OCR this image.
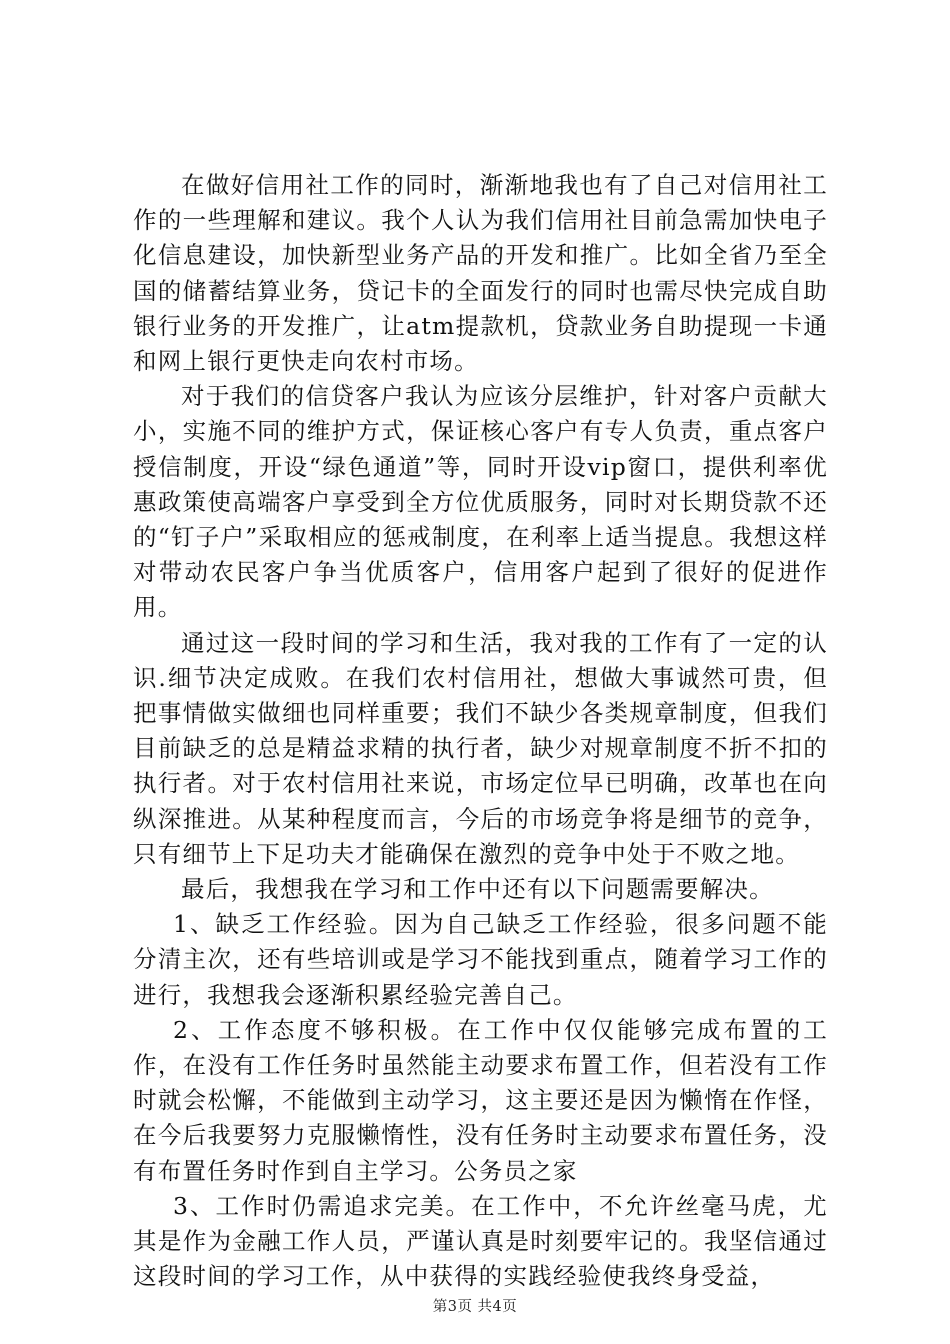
在做好信用社工作的同时，渐渐地我也有了自己对信用社工作的一些理解和建议。我个人认为我们信用社目前急需加快电子化信息建设，加快新型业务产品的开发和推广。比如全省乃至全国的储蓄结算业务，贷记卡的全面发行的同时也需尽快完成自助银行业务的开发推广，让atm提款机，贷款业务自助提现一卡通和网上银行更快走向农村市场。

对于我们的信贷客户我认为应该分层维护，针对客户贡献大小，实施不同的维护方式，保证核心客户有专人负责，重点客户授信制度，开设“绿色通道”等，同时开设vip窗口，提供利率优惠政策使高端客户享受到全方位优质服务，同时对长期贷款不还的“钉子户”采取相应的惩戒制度，在利率上适当提息。我想这样对带动农民客户争当优质客户，信用客户起到了很好的促进作用。

通过这一段时间的学习和生活，我对我的工作有了一定的认识.细节决定成败。在我们农村信用社，想做大事诚然可贵，但把事情做实做细也同样重要；我们不缺少各类规章制度，但我们目前缺乏的总是精益求精的执行者，缺少对规章制度不折不扣的执行者。对于农村信用社来说，市场定位早已明确，改革也在向纵深推进。从某种程度而言，今后的市场竞争将是细节的竞争，只有细节上下足功夫才能确保在激烈的竞争中处于不败之地。

最后，我想我在学习和工作中还有以下问题需要解决。

1、缺乏工作经验。因为自己缺乏工作经验，很多问题不能分清主次，还有些培训或是学习不能找到重点，随着学习工作的进行，我想我会逐渐积累经验完善自己。

2、工作态度不够积极。在工作中仅仅能够完成布置的工作，在没有工作任务时虽然能主动要求布置工作，但若没有工作时就会松懈，不能做到主动学习，这主要还是因为懒惰在作怪，在今后我要努力克服懒惰性，没有任务时主动要求布置任务，没有布置任务时作到自主学习。公务员之家

3、工作时仍需追求完美。在工作中，不允许丝毫马虎，尤其是作为金融工作人员，严谨认真是时刻要牢记的。我坚信通过这段时间的学习工作，从中获得的实践经验使我终身受益，

第3页 共4页
